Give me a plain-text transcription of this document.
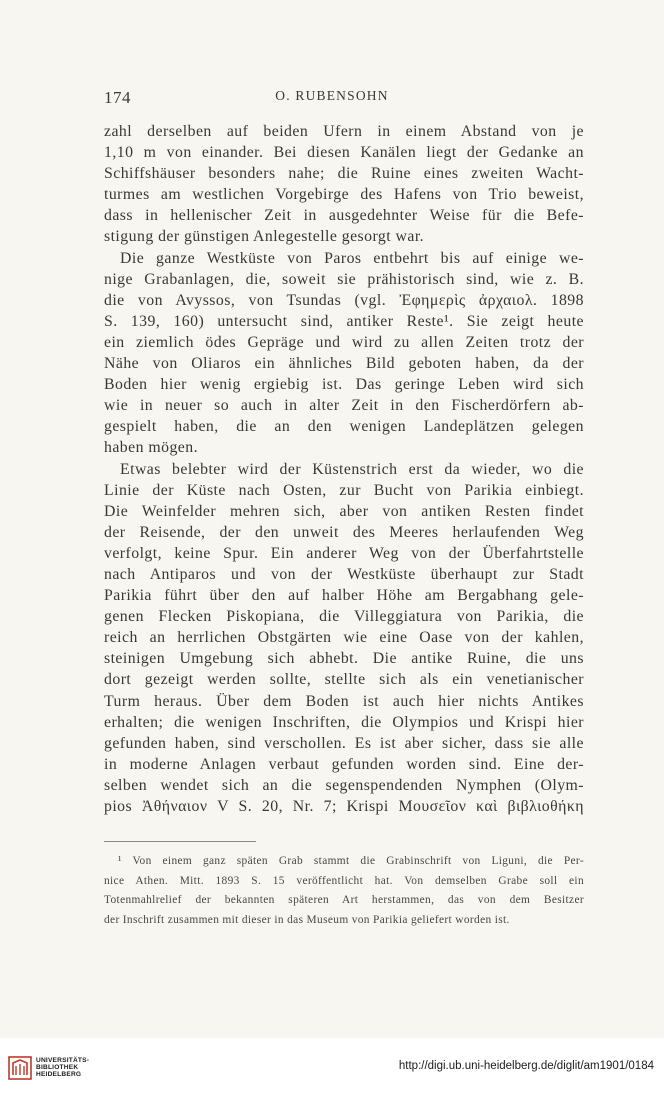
174	O. RUBENSOHN
zahl derselben auf beiden Ufern in einem Abstand von je
1,10 m von einander. Bei diesen Kanälen liegt der Gedanke an
Schiffshäuser besonders nahe; die Ruine eines zweiten Wacht-
turmes am westlichen Vorgebirge des Hafens von Trio beweist,
dass in hellenischer Zeit in ausgedehnter Weise für die Befe-
stigung der günstigen Anlegestelle gesorgt war.
Die ganze Westküste von Paros entbehrt bis auf einige we-
nige Grabanlagen, die, soweit sie prähistorisch sind, wie z. B.
die von Avyssos, von Tsundas (vgl. Ἐφημερὶς ἀρχαιολ. 1898
S. 139, 160) untersucht sind, antiker Reste¹. Sie zeigt heute
ein ziemlich ödes Gepräge und wird zu allen Zeiten trotz der
Nähe von Oliaros ein ähnliches Bild geboten haben, da der
Boden hier wenig ergiebig ist. Das geringe Leben wird sich
wie in neuer so auch in alter Zeit in den Fischerdörfern ab-
gespielt haben, die an den wenigen Landeplätzen gelegen
haben mögen.
Etwas belebter wird der Küstenstrich erst da wieder, wo die
Linie der Küste nach Osten, zur Bucht von Parikia einbiegt.
Die Weinfelder mehren sich, aber von antiken Resten findet
der Reisende, der den unweit des Meeres herlaufenden Weg
verfolgt, keine Spur. Ein anderer Weg von der Überfahrtstelle
nach Antiparos und von der Westküste überhaupt zur Stadt
Parikia führt über den auf halber Höhe am Bergabhang gele-
genen Flecken Piskopiana, die Villeggiatura von Parikia, die
reich an herrlichen Obstgärten wie eine Oase von der kahlen,
steinigen Umgebung sich abhebt. Die antike Ruine, die uns
dort gezeigt werden sollte, stellte sich als ein venetianischer
Turm heraus. Über dem Boden ist auch hier nichts Antikes
erhalten; die wenigen Inschriften, die Olympios und Krispi hier
gefunden haben, sind verschollen. Es ist aber sicher, dass sie alle
in moderne Anlagen verbaut gefunden worden sind. Eine der-
selben wendet sich an die segenspendenden Nymphen (Olym-
pios Ἀθήναιον V S. 20, Nr. 7; Krispi Μουσεῖον καὶ βιβλιοθήκη
¹ Von einem ganz späten Grab stammt die Grabinschrift von Liguni, die Per-
nice Athen. Mitt. 1893 S. 15 veröffentlicht hat. Von demselben Grabe soll ein
Totenmahlrelief der bekannten späteren Art herstammen, das von dem Besitzer
der Inschrift zusammen mit dieser in das Museum von Parikia geliefert worden ist.
UNIVERSITÄTS-
BIBLIOTHEK
HEIDELBERG
http://digi.ub.uni-heidelberg.de/diglit/am1901/0184
